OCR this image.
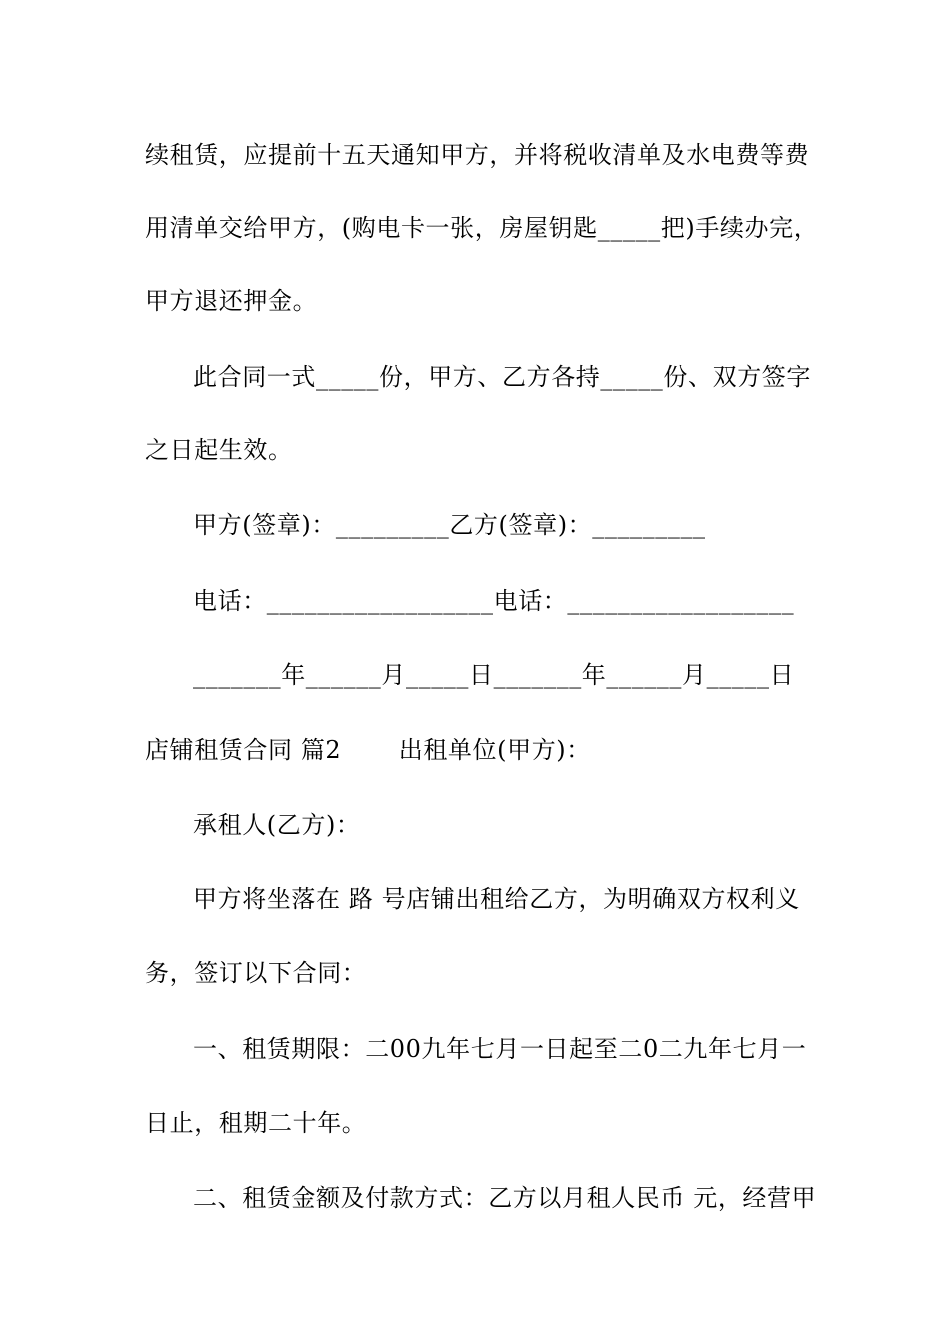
续租赁，应提前十五天通知甲方，并将税收清单及水电费等费
用清单交给甲方，(购电卡一张，房屋钥匙_____把)手续办完，
甲方退还押金。
此合同一式_____份，甲方、乙方各持_____份、双方签字
之日起生效。
甲方(签章)：_________乙方(签章)：_________
电话：__________________电话：__________________
_______年______月_____日_______年______月_____日
店铺租赁合同 篇2　　 出租单位(甲方)：
承租人(乙方)：
甲方将坐落在 路 号店铺出租给乙方，为明确双方权利义
务，签订以下合同：
一、租赁期限：二00九年七月一日起至二0二九年七月一
日止，租期二十年。
二、租赁金额及付款方式：乙方以月租人民币 元，经营甲
